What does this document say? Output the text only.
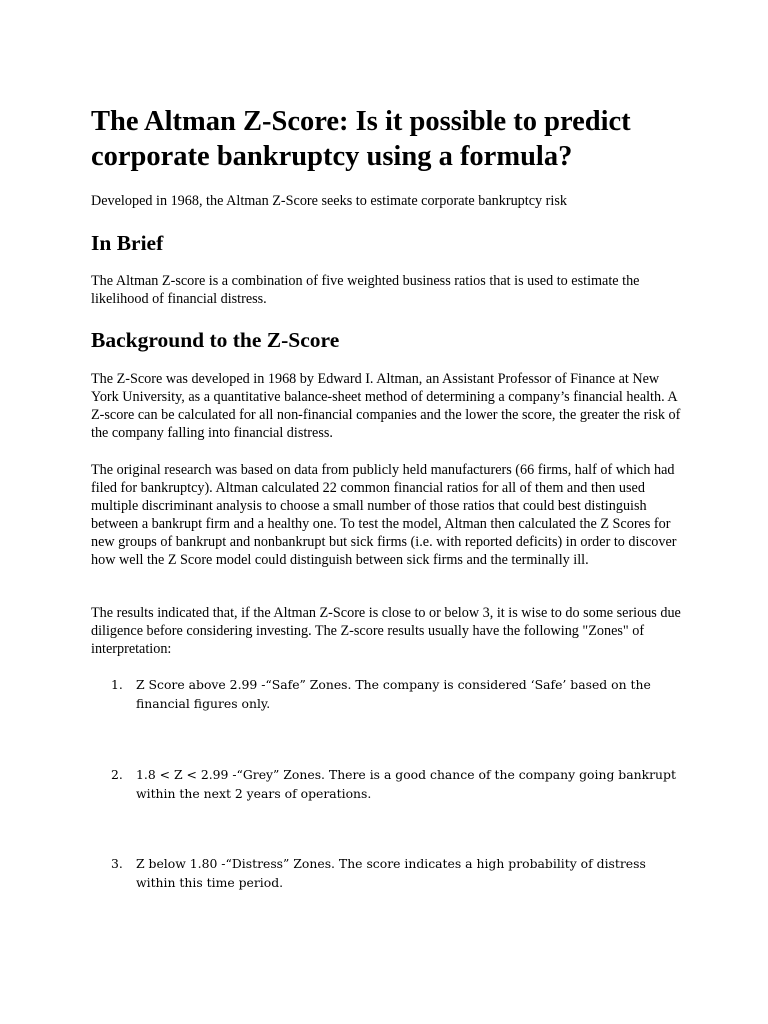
The Altman Z-Score: Is it possible to predict corporate bankruptcy using a formula?

Developed in 1968, the Altman Z-Score seeks to estimate corporate bankruptcy risk

In Brief

The Altman Z-score is a combination of five weighted business ratios that is used to estimate the likelihood of financial distress.

Background to the Z-Score

The Z-Score was developed in 1968 by Edward I. Altman, an Assistant Professor of Finance at New York University, as a quantitative balance-sheet method of determining a company’s financial health. A Z-score can be calculated for all non-financial companies and the lower the score, the greater the risk of the company falling into financial distress.

The original research was based on data from publicly held manufacturers (66 firms, half of which had filed for bankruptcy). Altman calculated 22 common financial ratios for all of them and then used multiple discriminant analysis to choose a small number of those ratios that could best distinguish between a bankrupt firm and a healthy one. To test the model, Altman then calculated the Z Scores for new groups of bankrupt and nonbankrupt but sick firms (i.e. with reported deficits) in order to discover how well the Z Score model could distinguish between sick firms and the terminally ill.

The results indicated that, if the Altman Z-Score is close to or below 3, it is wise to do some serious due diligence before considering investing. The Z-score results usually have the following "Zones" of interpretation:

1. Z Score above 2.99 -“Safe” Zones. The company is considered ‘Safe’ based on the financial figures only.
2. 1.8 < Z < 2.99 -“Grey” Zones. There is a good chance of the company going bankrupt within the next 2 years of operations.
3. Z below 1.80 -“Distress” Zones. The score indicates a high probability of distress within this time period.
